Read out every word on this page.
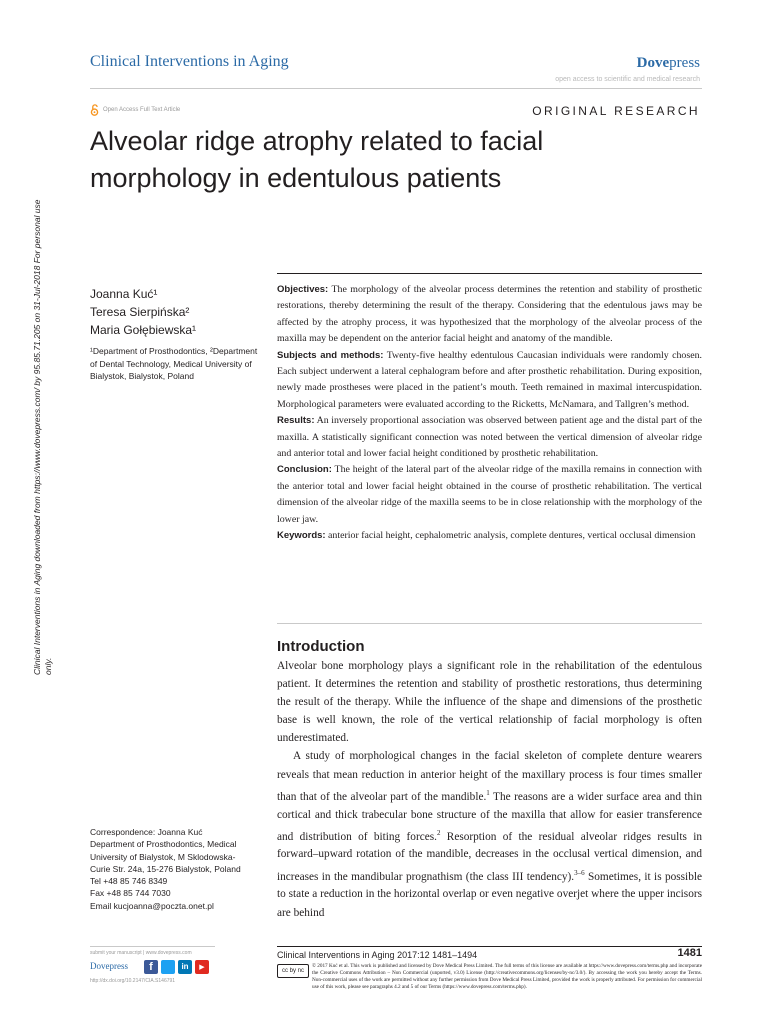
Clinical Interventions in Aging	Dovepress
open access to scientific and medical research
Open Access Full Text Article	ORIGINAL RESEARCH
Alveolar ridge atrophy related to facial morphology in edentulous patients
Clinical Interventions in Aging downloaded from https://www.dovepress.com/ by 95.85.71.205 on 31-Jul-2018 For personal use only.
Joanna Kuć¹
Teresa Sierpińska²
Maria Gołębiewska¹
¹Department of Prosthodontics, ²Department of Dental Technology, Medical University of Bialystok, Bialystok, Poland

Objectives: The morphology of the alveolar process determines the retention and stability of prosthetic restorations, thereby determining the result of the therapy. Considering that the edentulous jaws may be affected by the atrophy process, it was hypothesized that the morphology of the alveolar process of the maxilla may be dependent on the anterior facial height and anatomy of the mandible.

Subjects and methods: Twenty-five healthy edentulous Caucasian individuals were randomly chosen. Each subject underwent a lateral cephalogram before and after prosthetic rehabilitation. During exposition, newly made prostheses were placed in the patient’s mouth. Teeth remained in maximal intercuspidation. Morphological parameters were evaluated according to the Ricketts, McNamara, and Tallgren’s method.

Results: An inversely proportional association was observed between patient age and the distal part of the maxilla. A statistically significant connection was noted between the vertical dimension of alveolar ridge and anterior total and lower facial height conditioned by prosthetic rehabilitation.

Conclusion: The height of the lateral part of the alveolar ridge of the maxilla remains in connection with the anterior total and lower facial height obtained in the course of prosthetic rehabilitation. The vertical dimension of the alveolar ridge of the maxilla seems to be in close relationship with the morphology of the lower jaw.

Keywords: anterior facial height, cephalometric analysis, complete dentures, vertical occlusal dimension

Introduction

Alveolar bone morphology plays a significant role in the rehabilitation of the edentulous patient. It determines the retention and stability of prosthetic restorations, thus determining the result of the therapy. While the influence of the shape and dimensions of the prosthetic base is well known, the role of the vertical relationship of facial morphology is often underestimated.

A study of morphological changes in the facial skeleton of complete denture wearers reveals that mean reduction in anterior height of the maxillary process is four times smaller than that of the alveolar part of the mandible.$^1$ The reasons are a wider surface area and thin cortical and thick trabecular bone structure of the maxilla that allow for easier transference and distribution of biting forces.$^2$ Resorption of the residual alveolar ridges results in forward–upward rotation of the mandible, decreases in the occlusal vertical dimension, and increases in the mandibular prognathism (the class III tendency).$^{3-6}$ Sometimes, it is possible to state a reduction in the horizontal overlap or even negative overjet where the upper incisors are behind

Correspondence: Joanna Kuć
Department of Prosthodontics, Medical
University of Bialystok, M Sklodowska-
Curie Str. 24a, 15-276 Bialystok, Poland
Tel +48 85 746 8349
Fax +48 85 744 7030
Email kucjoanna@poczta.onet.pl
submit your manuscript | www.dovepress.com
Dovepress	f	in	▶
http://dx.doi.org/10.2147/CIA.S146791
Clinical Interventions in Aging 2017:12 1481–1494	1481
cc by nc
© 2017 Kuć et al. This work is published and licensed by Dove Medical Press Limited. The full terms of this license are available at https://www.dovepress.com/terms.php and incorporate the Creative Commons Attribution – Non Commercial (unported, v3.0) License (http://creativecommons.org/licenses/by-nc/3.0/). By accessing the work you hereby accept the Terms. Non-commercial uses of the work are permitted without any further permission from Dove Medical Press Limited, provided the work is properly attributed. For permission for commercial use of this work, please see paragraphs 4.2 and 5 of our Terms (https://www.dovepress.com/terms.php).
